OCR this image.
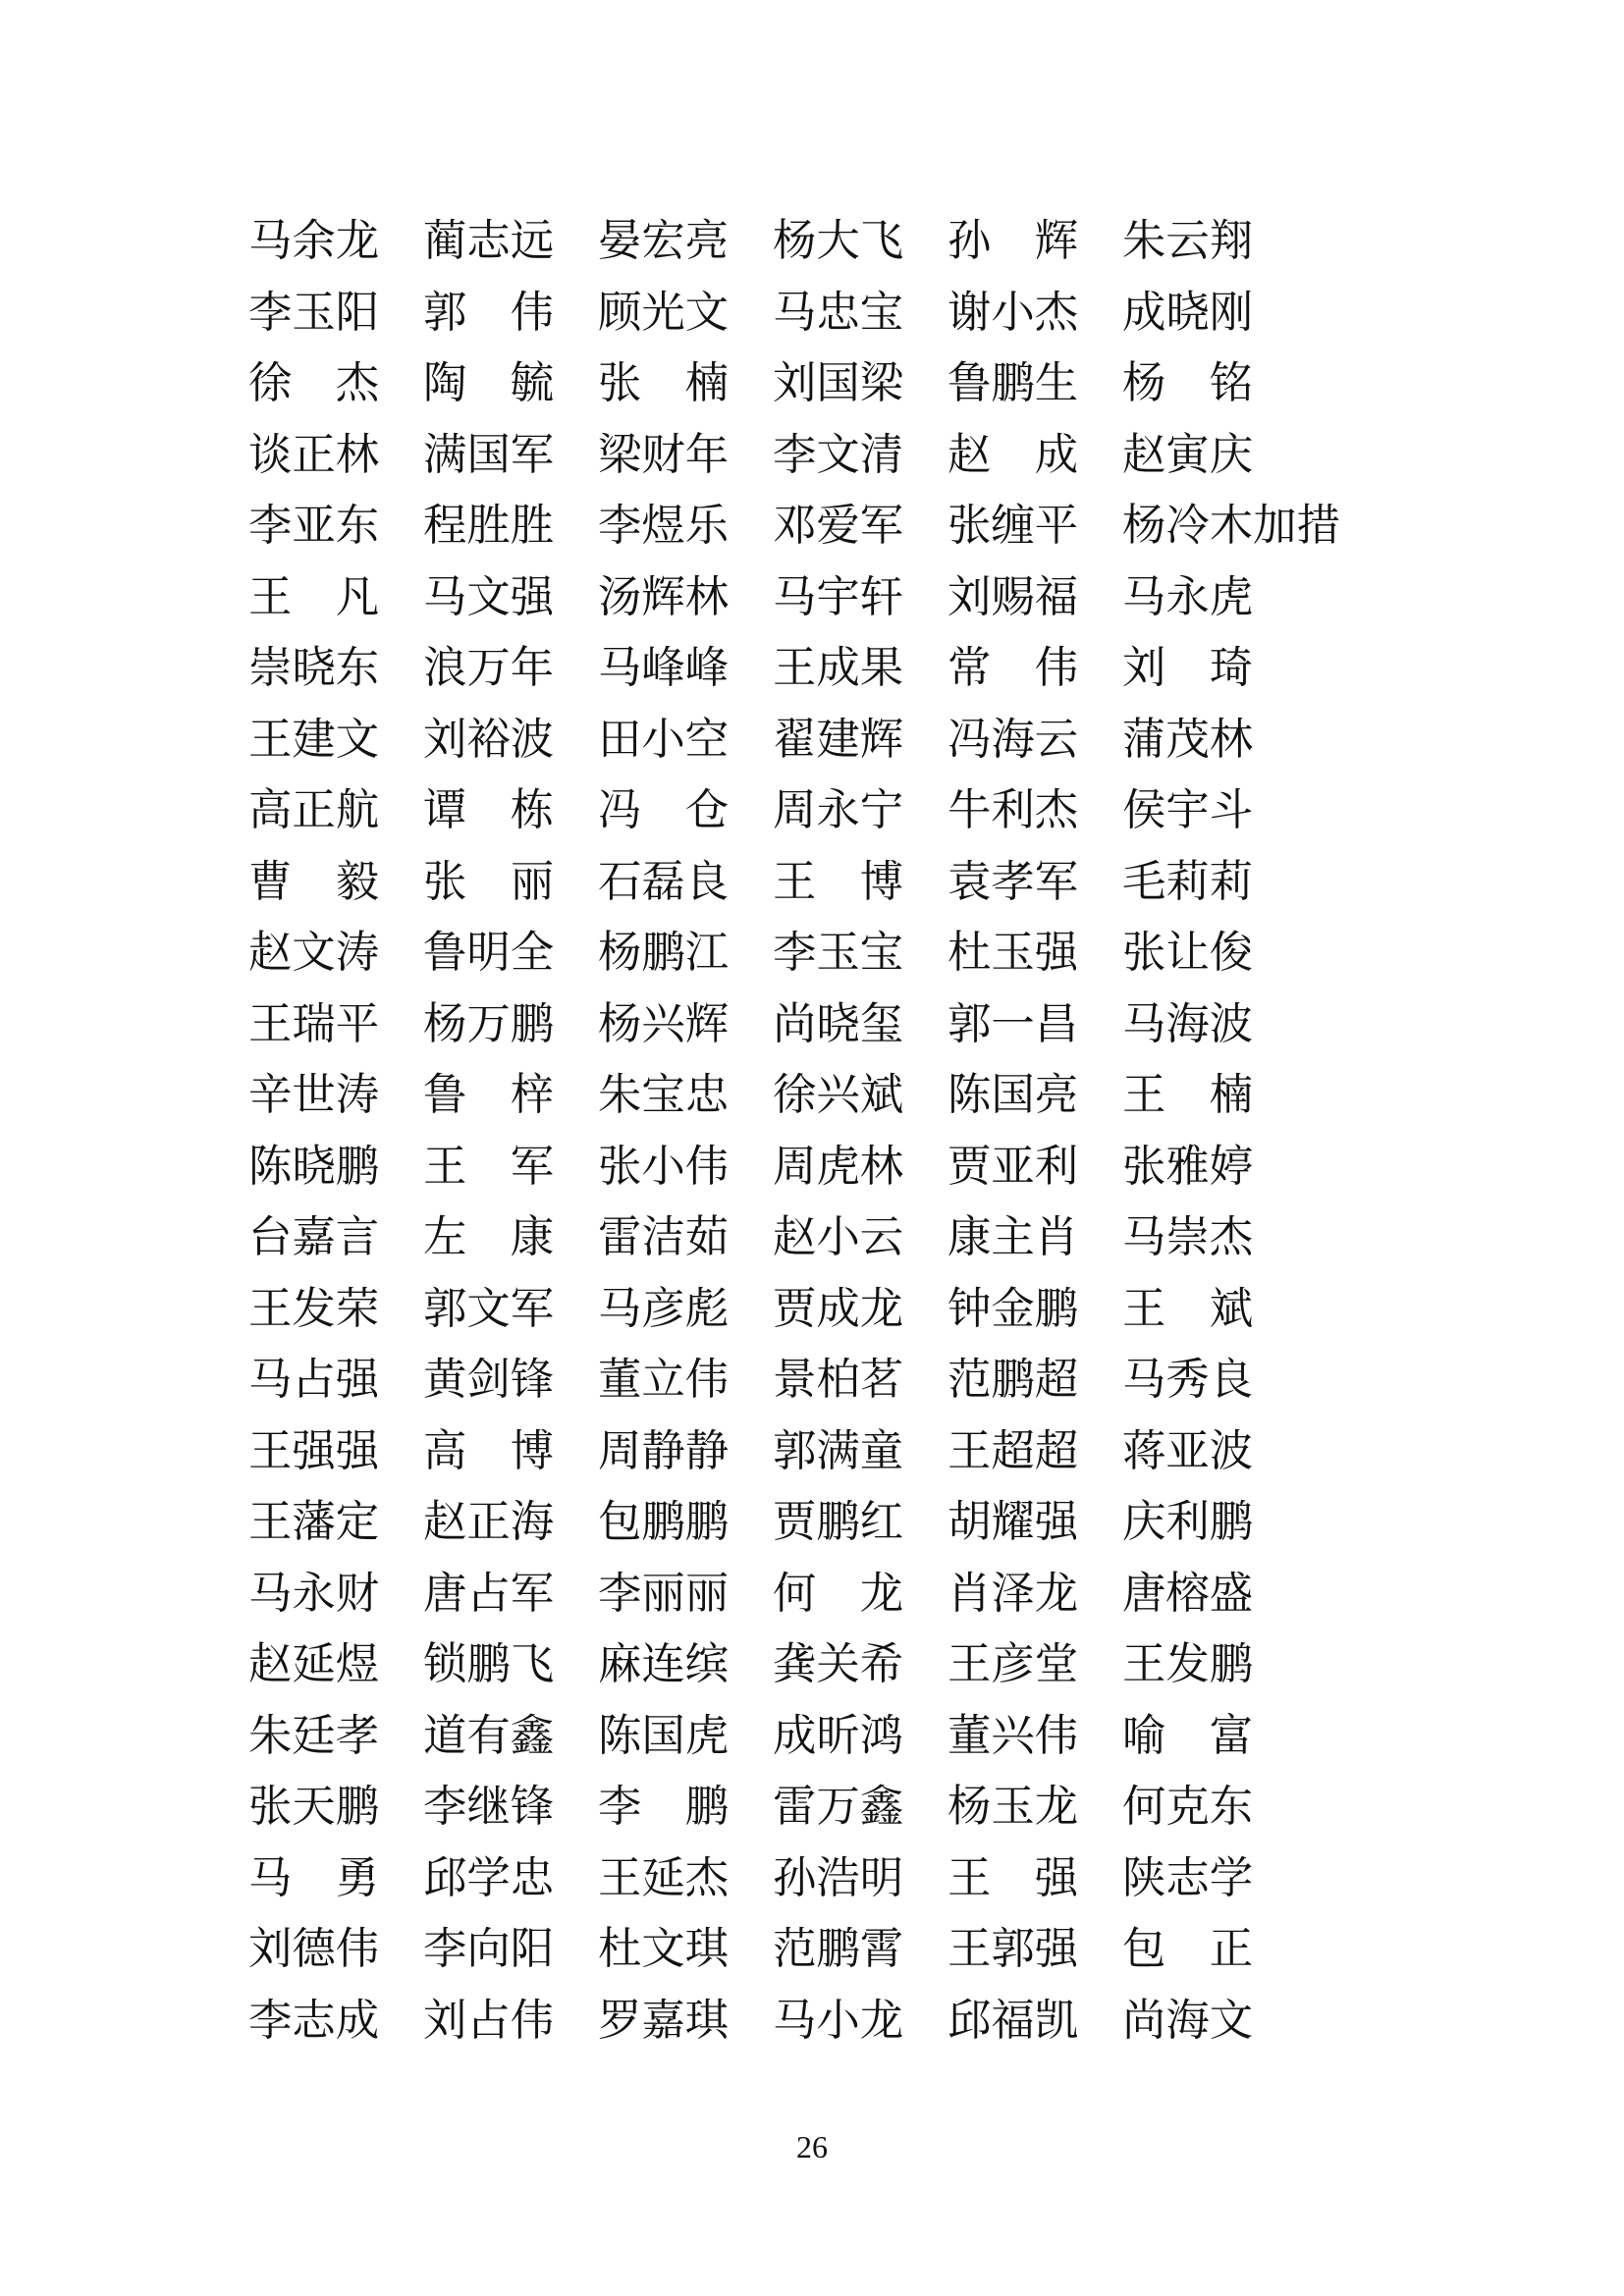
马余龙 蔺志远 晏宏亮 杨大飞 孙　辉 朱云翔
李玉阳 郭　伟 顾光文 马忠宝 谢小杰 成晓刚
徐　杰 陶　毓 张　楠 刘国梁 鲁鹏生 杨　铭
谈正林 满国军 梁财年 李文清 赵　成 赵寅庆
李亚东 程胜胜 李煜乐 邓爱军 张缠平 杨冷木加措
王　凡 马文强 汤辉林 马宇轩 刘赐福 马永虎
崇晓东 浪万年 马峰峰 王成果 常　伟 刘　琦
王建文 刘裕波 田小空 翟建辉 冯海云 蒲茂林
高正航 谭　栋 冯　仓 周永宁 牛利杰 侯宇斗
曹　毅 张　丽 石磊良 王　博 袁孝军 毛莉莉
赵文涛 鲁明全 杨鹏江 李玉宝 杜玉强 张让俊
王瑞平 杨万鹏 杨兴辉 尚晓玺 郭一昌 马海波
辛世涛 鲁　梓 朱宝忠 徐兴斌 陈国亮 王　楠
陈晓鹏 王　军 张小伟 周虎林 贾亚利 张雅婷
台嘉言 左　康 雷洁茹 赵小云 康主肖 马崇杰
王发荣 郭文军 马彦彪 贾成龙 钟金鹏 王　斌
马占强 黄剑锋 董立伟 景柏茗 范鹏超 马秀良
王强强 高　博 周静静 郭满童 王超超 蒋亚波
王藩定 赵正海 包鹏鹏 贾鹏红 胡耀强 庆利鹏
马永财 唐占军 李丽丽 何　龙 肖泽龙 唐榕盛
赵延煜 锁鹏飞 麻连缤 龚关希 王彦堂 王发鹏
朱廷孝 道有鑫 陈国虎 成昕鸿 董兴伟 喻　富
张天鹏 李继锋 李　鹏 雷万鑫 杨玉龙 何克东
马　勇 邱学忠 王延杰 孙浩明 王　强 陕志学
刘德伟 李向阳 杜文琪 范鹏霄 王郭强 包　正
李志成 刘占伟 罗嘉琪 马小龙 邱福凯 尚海文
26
